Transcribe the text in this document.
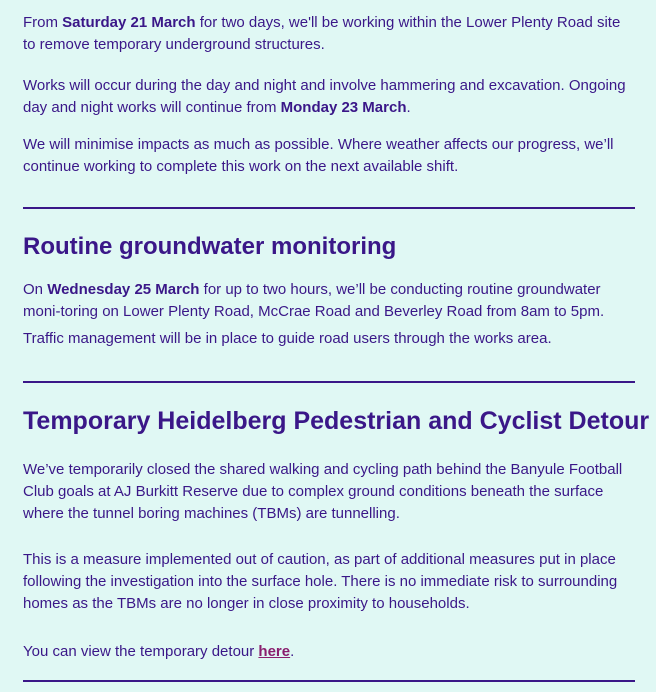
From Saturday 21 March for two days, we'll be working within the Lower Plenty Road site to remove temporary underground structures.

Works will occur during the day and night and involve hammering and excavation. Ongoing day and night works will continue from Monday 23 March.

We will minimise impacts as much as possible. Where weather affects our progress, we’ll continue working to complete this work on the next available shift.

Routine groundwater monitoring

On Wednesday 25 March for up to two hours, we’ll be conducting routine groundwater moni-toring on Lower Plenty Road, McCrae Road and Beverley Road from 8am to 5pm.

Traffic management will be in place to guide road users through the works area.

Temporary Heidelberg Pedestrian and Cyclist Detour

We’ve temporarily closed the shared walking and cycling path behind the Banyule Football Club goals at AJ Burkitt Reserve due to complex ground conditions beneath the surface where the tunnel boring machines (TBMs) are tunnelling.

This is a measure implemented out of caution, as part of additional measures put in place following the investigation into the surface hole. There is no immediate risk to surrounding homes as the TBMs are no longer in close proximity to households.

You can view the temporary detour here.
